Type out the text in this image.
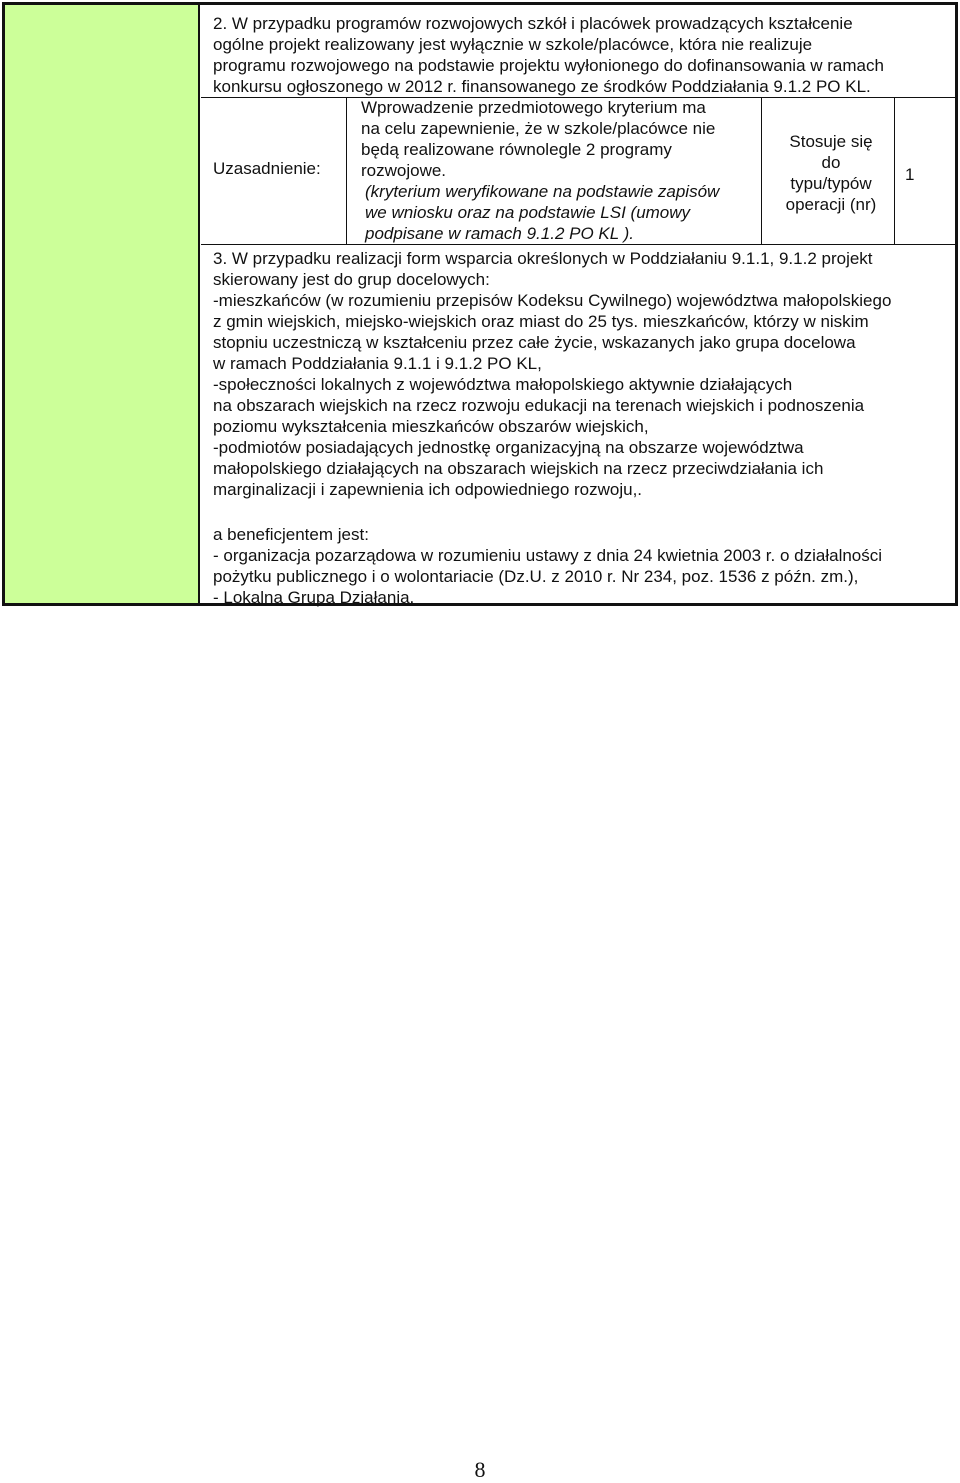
2. W przypadku programów rozwojowych szkół i placówek prowadzących kształcenie
ogólne projekt realizowany jest wyłącznie w szkole/placówce, która nie realizuje
programu rozwojowego na podstawie projektu wyłonionego do dofinansowania w ramach
konkursu ogłoszonego w 2012 r. finansowanego ze środków Poddziałania 9.1.2 PO KL.
Uzasadnienie:

Wprowadzenie przedmiotowego kryterium ma

na celu zapewnienie, że w szkole/placówce nie

będą realizowane równolegle 2 programy

rozwojowe.

(kryterium weryfikowane na podstawie zapisów

we wniosku oraz na podstawie LSI (umowy

podpisane w ramach 9.1.2 PO KL ).

Stosuje się
do
typu/typów
operacji (nr)
1
3. W przypadku realizacji form wsparcia określonych w Poddziałaniu 9.1.1, 9.1.2 projekt
skierowany jest do grup docelowych:
-mieszkańców (w rozumieniu przepisów Kodeksu Cywilnego) województwa małopolskiego
z gmin wiejskich, miejsko-wiejskich oraz miast do 25 tys. mieszkańców, którzy w niskim
stopniu uczestniczą w kształceniu przez całe życie, wskazanych jako grupa docelowa
w ramach Poddziałania 9.1.1 i 9.1.2 PO KL,
-społeczności lokalnych z województwa małopolskiego aktywnie działających
na obszarach wiejskich na rzecz rozwoju edukacji na terenach wiejskich i podnoszenia
poziomu wykształcenia mieszkańców obszarów wiejskich,
-podmiotów posiadających jednostkę organizacyjną na obszarze województwa
małopolskiego działających na obszarach wiejskich na rzecz przeciwdziałania ich
marginalizacji i zapewnienia ich odpowiedniego rozwoju,.
a beneficjentem jest:
- organizacja pozarządowa w rozumieniu ustawy z dnia 24 kwietnia 2003 r. o działalności
pożytku publicznego i o wolontariacie (Dz.U. z 2010 r. Nr 234, poz. 1536 z późn. zm.),
- Lokalna Grupa Działania.
8
